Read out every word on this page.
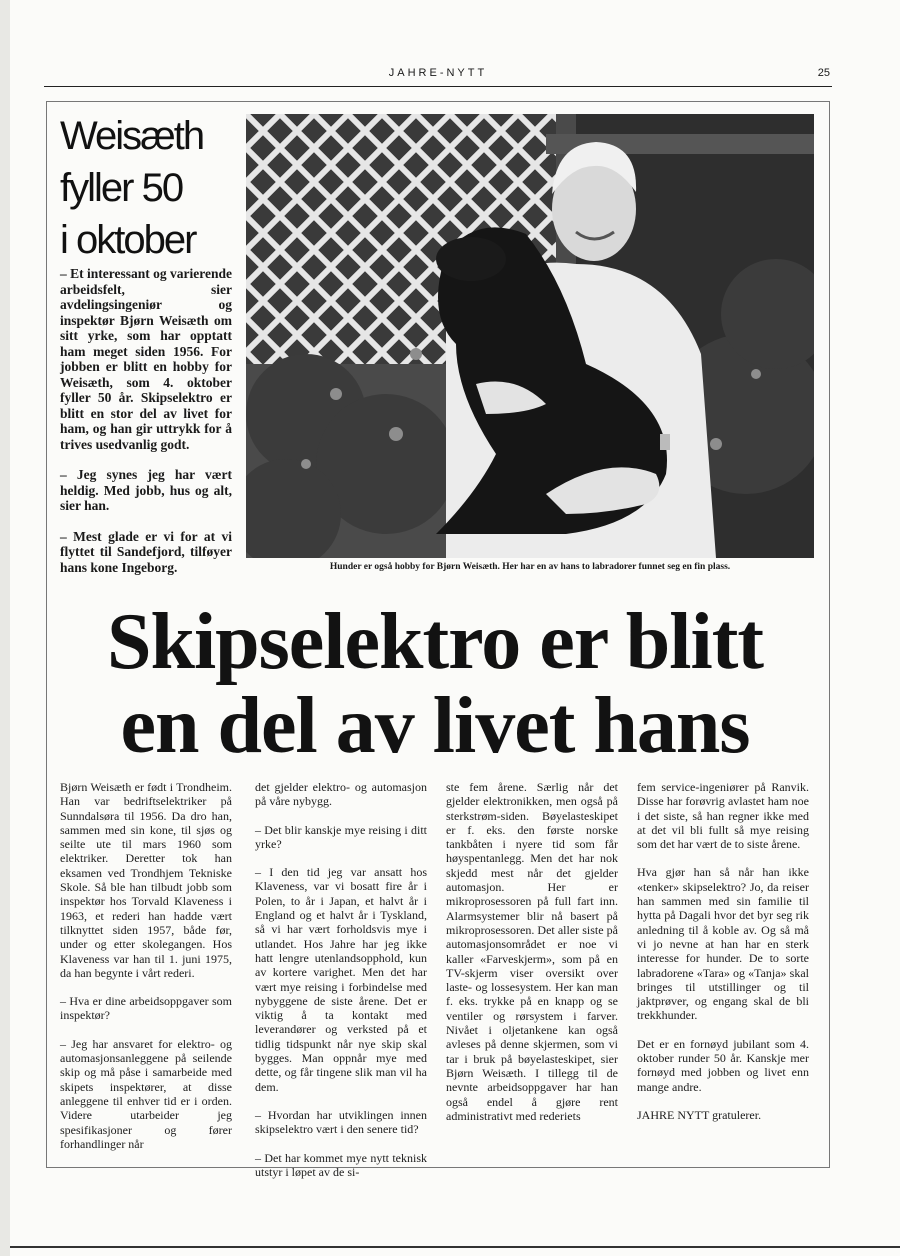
JAHRE-NYTT	25
Weisæth
fyller 50
i oktober

– Et interessant og varierende arbeidsfelt, sier avdelingsingeniør og inspektør Bjørn Weisæth om sitt yrke, som har opptatt ham meget siden 1956. For jobben er blitt en hobby for Weisæth, som 4. oktober fyller 50 år. Skipselektro er blitt en stor del av livet for ham, og han gir uttrykk for å trives usedvanlig godt.

– Jeg synes jeg har vært heldig. Med jobb, hus og alt, sier han.

– Mest glade er vi for at vi flyttet til Sandefjord, tilføyer hans kone Ingeborg.	Hunder er også hobby for Bjørn Weisæth. Her har en av hans to labradorer funnet seg en fin plass.

Skipselektro er blitt
en del av livet hans

Bjørn Weisæth er født i Trondheim. Han var bedriftselektriker på Sunndalsøra til 1956. Da dro han, sammen med sin kone, til sjøs og seilte ute til mars 1960 som elektriker. Deretter tok han eksamen ved Trondhjem Tekniske Skole. Så ble han tilbudt jobb som inspektør hos Torvald Klaveness i 1963, et rederi han hadde vært tilknyttet siden 1957, både før, under og etter skolegangen. Hos Klaveness var han til 1. juni 1975, da han begynte i vårt rederi.

– Hva er dine arbeidsoppgaver som inspektør?

– Jeg har ansvaret for elektro- og automasjonsanleggene på seilende skip og må påse i samarbeide med skipets inspektører, at disse anleggene til enhver tid er i orden. Videre utarbeider jeg spesifikasjoner og fører forhandlinger når

det gjelder elektro- og automasjon på våre nybygg.

– Det blir kanskje mye reising i ditt yrke?

– I den tid jeg var ansatt hos Klaveness, var vi bosatt fire år i Polen, to år i Japan, et halvt år i England og et halvt år i Tyskland, så vi har vært forholdsvis mye i utlandet. Hos Jahre har jeg ikke hatt lengre utenlandsopphold, kun av kortere varighet. Men det har vært mye reising i forbindelse med nybyggene de siste årene. Det er viktig å ta kontakt med leverandører og verksted på et tidlig tidspunkt når nye skip skal bygges. Man oppnår mye med dette, og får tingene slik man vil ha dem.

– Hvordan har utviklingen innen skipselektro vært i den senere tid?

– Det har kommet mye nytt teknisk utstyr i løpet av de si-

ste fem årene. Særlig når det gjelder elektronikken, men også på sterkstrøm-siden. Bøyelasteskipet er f. eks. den første norske tankbåten i nyere tid som får høyspentanlegg. Men det har nok skjedd mest når det gjelder automasjon. Her er mikroprosessoren på full fart inn. Alarmsystemer blir nå basert på mikroprosessoren. Det aller siste på automasjonsområdet er noe vi kaller «Farveskjerm», som på en TV-skjerm viser oversikt over laste- og lossesystem. Her kan man f. eks. trykke på en knapp og se ventiler og rørsystem i farver. Nivået i oljetankene kan også avleses på denne skjermen, som vi tar i bruk på bøyelasteskipet, sier Bjørn Weisæth. I tillegg til de nevnte arbeidsoppgaver har han også endel å gjøre rent administrativt med rederiets

fem service-ingeniører på Ranvik. Disse har forøvrig avlastet ham noe i det siste, så han regner ikke med at det vil bli fullt så mye reising som det har vært de to siste årene.

Hva gjør han så når han ikke «tenker» skipselektro? Jo, da reiser han sammen med sin familie til hytta på Dagali hvor det byr seg rik anledning til å koble av. Og så må vi jo nevne at han har en sterk interesse for hunder. De to sorte labradorene «Tara» og «Tanja» skal bringes til utstillinger og til jaktprøver, og engang skal de bli trekkhunder.

Det er en fornøyd jubilant som 4. oktober runder 50 år. Kanskje mer fornøyd med jobben og livet enn mange andre.

JAHRE NYTT gratulerer.
